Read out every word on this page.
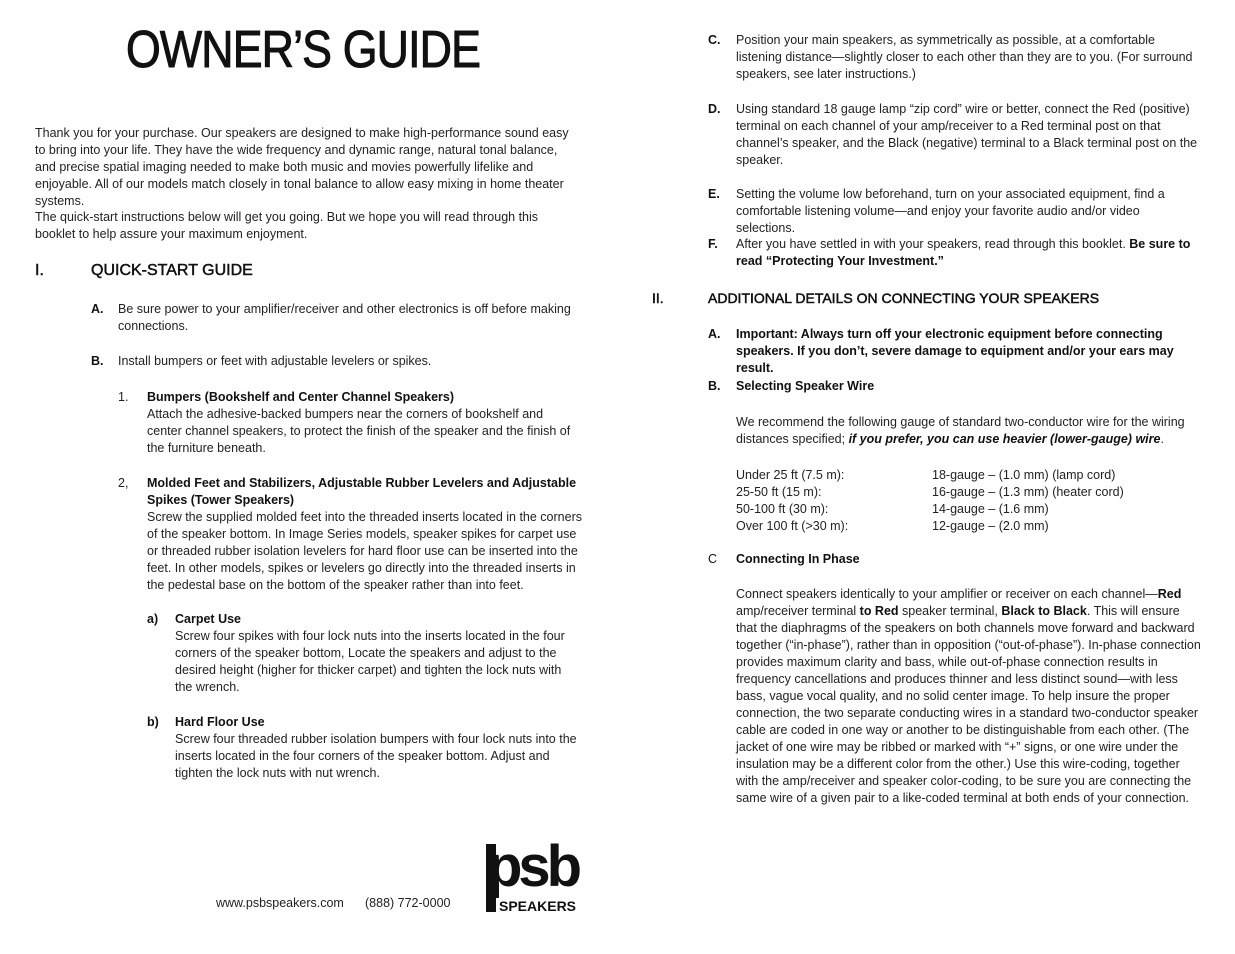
OWNER’S GUIDE
Thank you for your purchase. Our speakers are designed to make high-performance sound easy to bring into your life. They have the wide frequency and dynamic range, natural tonal balance, and precise spatial imaging needed to make both music and movies powerfully lifelike and enjoyable. All of our models match closely in tonal balance to allow easy mixing in home theater systems.
The quick-start instructions below will get you going. But we hope you will read through this booklet to help assure your maximum enjoyment.
I.	QUICK-START GUIDE
A. Be sure power to your amplifier/receiver and other electronics is off before making connections.
B. Install bumpers or feet with adjustable levelers or spikes.
1. Bumpers (Bookshelf and Center Channel Speakers)
Attach the adhesive-backed bumpers near the corners of bookshelf and center channel speakers, to protect the finish of the speaker and the finish of the furniture beneath.
2, Molded Feet and Stabilizers, Adjustable Rubber Levelers and Adjustable Spikes (Tower Speakers)
Screw the supplied molded feet into the threaded inserts located in the corners of the speaker bottom. In Image Series models, speaker spikes for carpet use or threaded rubber isolation levelers for hard floor use can be inserted into the feet. In other models, spikes or levelers go directly into the threaded inserts in the pedestal base on the bottom of the speaker rather than into feet.
a) Carpet Use
Screw four spikes with four lock nuts into the inserts located in the four corners of the speaker bottom, Locate the speakers and adjust to the desired height (higher for thicker carpet) and tighten the lock nuts with the wrench.
b) Hard Floor Use
Screw four threaded rubber isolation bumpers with four lock nuts into the inserts located in the four corners of the speaker bottom. Adjust and tighten the lock nuts with nut wrench.
C. Position your main speakers, as symmetrically as possible, at a comfortable listening distance—slightly closer to each other than they are to you. (For surround speakers, see later instructions.)
D. Using standard 18 gauge lamp “zip cord” wire or better, connect the Red (positive) terminal on each channel of your amp/receiver to a Red terminal post on that channel’s speaker, and the Black (negative) terminal to a Black terminal post on the speaker.
E. Setting the volume low beforehand, turn on your associated equipment, find a comfortable listening volume—and enjoy your favorite audio and/or video selections.
F. After you have settled in with your speakers, read through this booklet. Be sure to read “Protecting Your Investment.”
II.	ADDITIONAL DETAILS ON CONNECTING YOUR SPEAKERS
A. Important: Always turn off your electronic equipment before connecting speakers. If you don’t, severe damage to equipment and/or your ears may result.
B. Selecting Speaker Wire
We recommend the following gauge of standard two-conductor wire for the wiring distances specified; if you prefer, you can use heavier (lower-gauge) wire.
Under 25 ft (7.5 m):	18-gauge – (1.0 mm) (lamp cord)
25-50 ft (15 m):	16-gauge – (1.3 mm) (heater cord)
50-100 ft (30 m):	14-gauge – (1.6 mm)
Over 100 ft (>30 m):	12-gauge – (2.0 mm)
C Connecting In Phase
Connect speakers identically to your amplifier or receiver on each channel—Red amp/receiver terminal to Red speaker terminal, Black to Black. This will ensure that the diaphragms of the speakers on both channels move forward and backward together (“in-phase”), rather than in opposition (“out-of-phase”). In-phase connection provides maximum clarity and bass, while out-of-phase connection results in frequency cancellations and produces thinner and less distinct sound—with less bass, vague vocal quality, and no solid center image. To help insure the proper connection, the two separate conducting wires in a standard two-conductor speaker cable are coded in one way or another to be distinguishable from each other. (The jacket of one wire may be ribbed or marked with “+” signs, or one wire under the insulation may be a different color from the other.) Use this wire-coding, together with the amp/receiver and speaker color-coding, to be sure you are connecting the same wire of a given pair to a like-coded terminal at both ends of your connection.
www.psbspeakers.com (888) 772-0000
psb
SPEAKERS
